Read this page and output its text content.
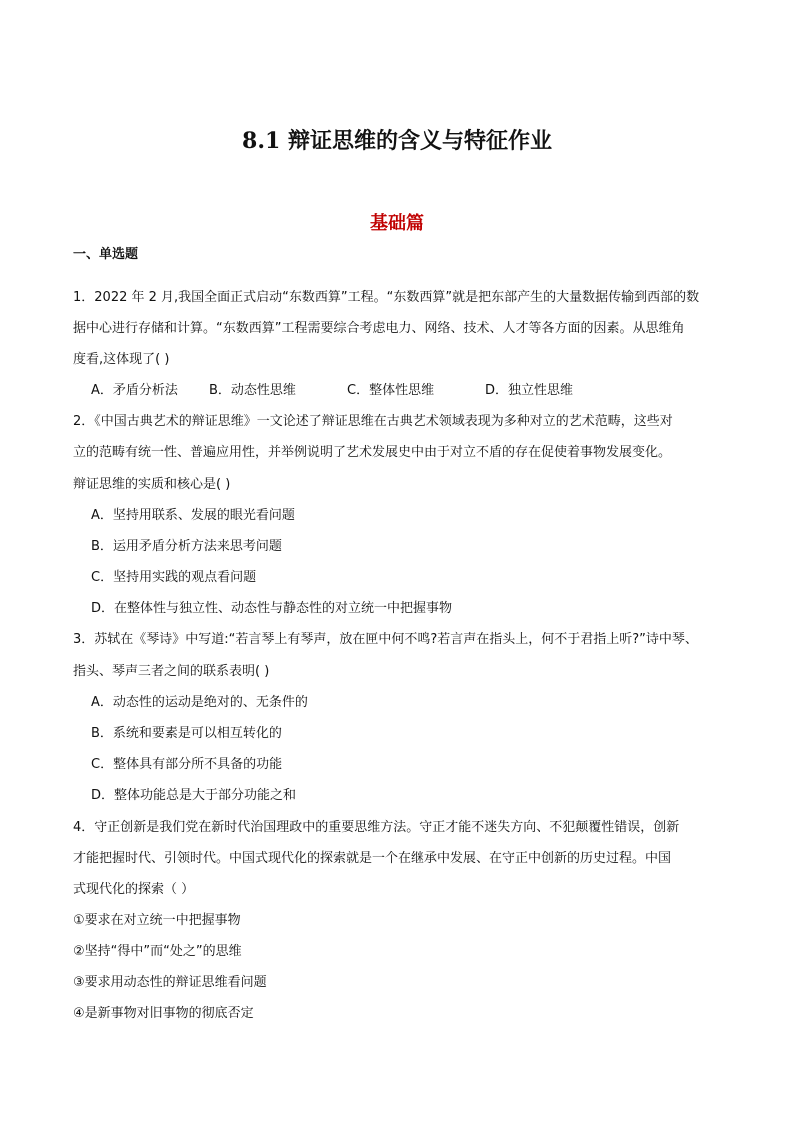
8.1 辩证思维的含义与特征作业
基础篇
一、单选题
1．2022 年 2 月,我国全面正式启动“东数西算”工程。“东数西算”就是把东部产生的大量数据传输到西部的数
据中心进行存储和计算。“东数西算”工程需要综合考虑电力、网络、技术、人才等各方面的因素。从思维角
度看,这体现了( )
A．矛盾分析法 B．动态性思维	C．整体性思维	D．独立性思维
2．《中国古典艺术的辩证思维》一文论述了辩证思维在古典艺术领域表现为多种对立的艺术范畴，这些对
立的范畴有统一性、普遍应用性，并举例说明了艺术发展史中由于对立不盾的存在促使着事物发展变化。
辩证思维的实质和核心是( )
A．坚持用联系、发展的眼光看问题
B．运用矛盾分析方法来思考问题
C．坚持用实践的观点看问题
D．在整体性与独立性、动态性与静态性的对立统一中把握事物
3．苏轼在《琴诗》中写道:“若言琴上有琴声，放在匣中何不鸣?若言声在指头上，何不于君指上听?”诗中琴、
指头、琴声三者之间的联系表明( )
A．动态性的运动是绝对的、无条件的
B．系统和要素是可以相互转化的
C．整体具有部分所不具备的功能
D．整体功能总是大于部分功能之和
4．守正创新是我们党在新时代治国理政中的重要思维方法。守正才能不迷失方向、不犯颠覆性错误，创新
才能把握时代、引领时代。中国式现代化的探索就是一个在继承中发展、在守正中创新的历史过程。中国
式现代化的探索（ ）
①要求在对立统一中把握事物
②坚持“得中”而“处之”的思维
③要求用动态性的辩证思维看问题
④是新事物对旧事物的彻底否定
